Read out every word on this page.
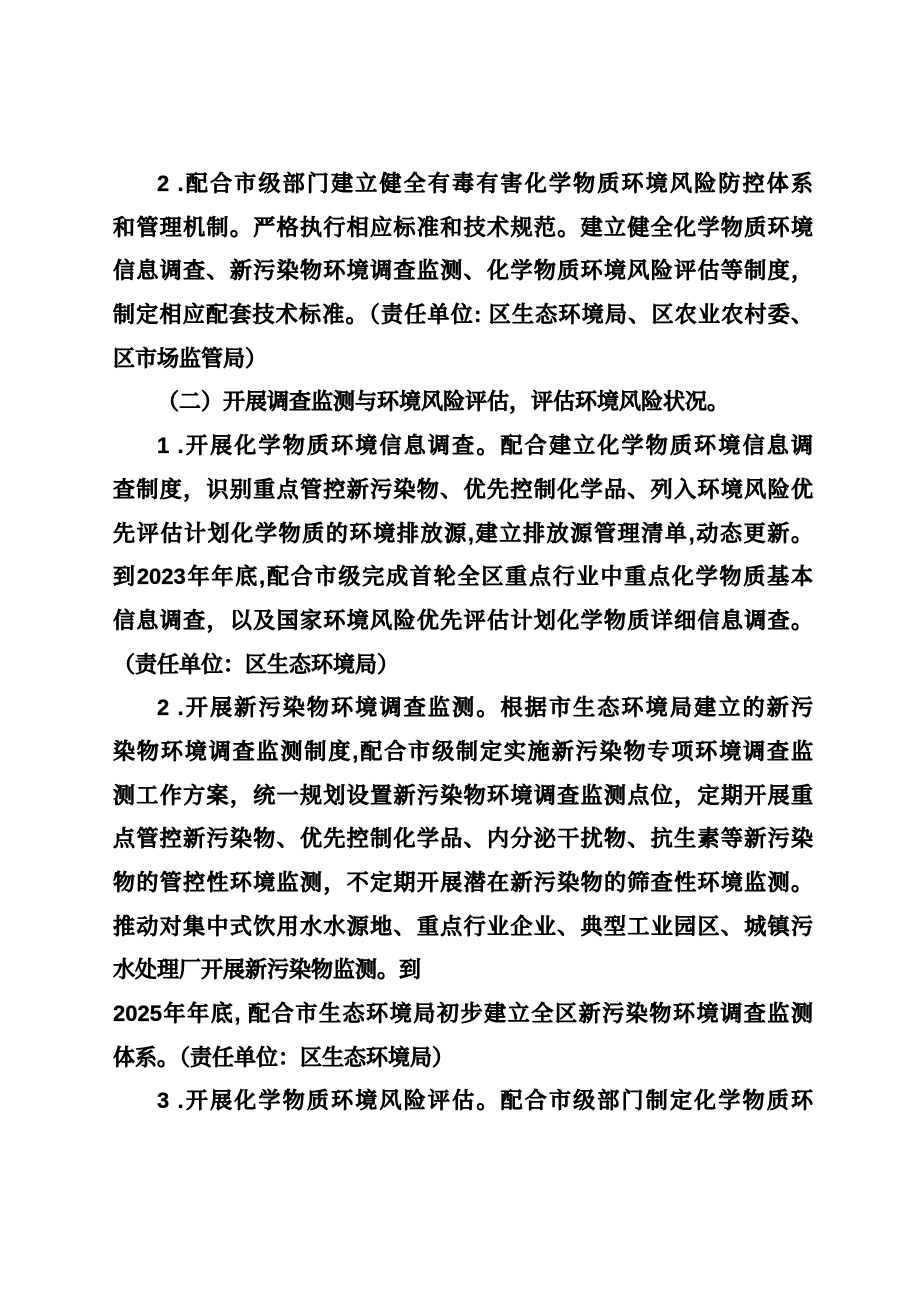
2 .配合市级部门建立健全有毒有害化学物质环境风险防控体系
和管理机制。严格执行相应标准和技术规范。建立健全化学物质环境
信息调查、新污染物环境调查监测、化学物质环境风险评估等制度，
制定相应配套技术标准。（责任单位: 区生态环境局、区农业农村委、
区市场监管局）
（二）开展调查监测与环境风险评估，评估环境风险状况。
1 .开展化学物质环境信息调查。配合建立化学物质环境信息调
查制度，识别重点管控新污染物、优先控制化学品、列入环境风险优
先评估计划化学物质的环境排放源,建立排放源管理清单,动态更新。
到2023年年底,配合市级完成首轮全区重点行业中重点化学物质基本
信息调查，以及国家环境风险优先评估计划化学物质详细信息调查。
（责任单位：区生态环境局）
2 .开展新污染物环境调查监测。根据市生态环境局建立的新污
染物环境调查监测制度,配合市级制定实施新污染物专项环境调查监
测工作方案，统一规划设置新污染物环境调查监测点位，定期开展重
点管控新污染物、优先控制化学品、内分泌干扰物、抗生素等新污染
物的管控性环境监测，不定期开展潜在新污染物的筛查性环境监测。
推动对集中式饮用水水源地、重点行业企业、典型工业园区、城镇污
水处理厂开展新污染物监测。到
2025年年底, 配合市生态环境局初步建立全区新污染物环境调查监测
体系。（责任单位：区生态环境局）
3 .开展化学物质环境风险评估。配合市级部门制定化学物质环
